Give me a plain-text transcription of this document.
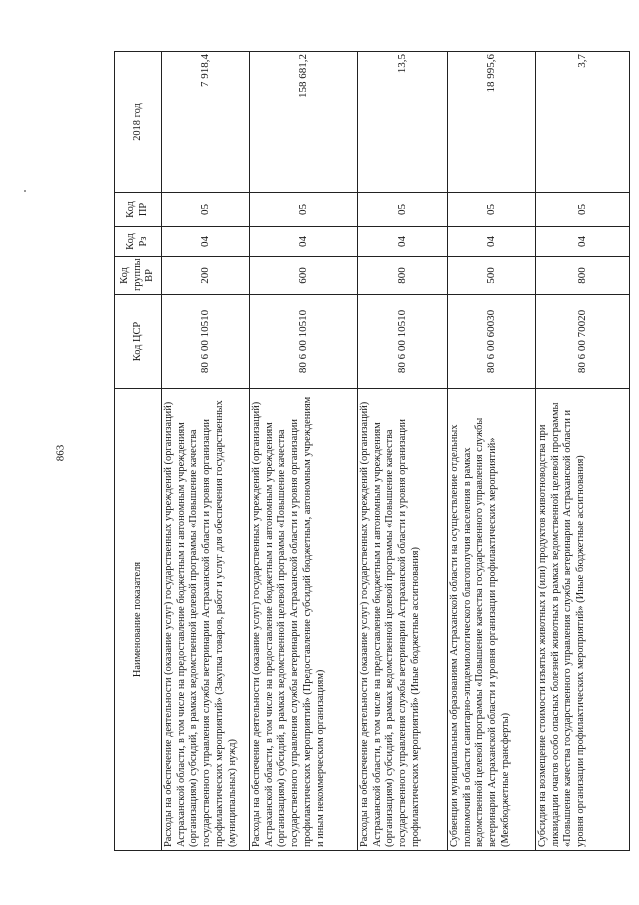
863
Наименование показателя	Код ЦСР	Код группы ВР	Код Рз	Код ПР	2018 год
Расходы на обеспечение деятельности (оказание услуг) государственных учреждений (организаций) Астраханской области, в том числе на предоставление бюджетным и автономным учреждениям (организациям) субсидий, в рамках ведомственной целевой программы «Повышение качества государственного управления службы ветеринарии Астраханской области и уровня организации профилактических мероприятий» (Закупка товаров, работ и услуг для обеспечения государственных (муниципальных) нужд)	80 6 00 10510	200	04	05	7 918,4
Расходы на обеспечение деятельности (оказание услуг) государственных учреждений (организаций) Астраханской области, в том числе на предоставление бюджетным и автономным учреждениям (организациям) субсидий, в рамках ведомственной целевой программы «Повышение качества государственного управления службы ветеринарии Астраханской области и уровня организации профилактических мероприятий» (Предоставление субсидий бюджетным, автономным учреждениям и иным некоммерческим организациям)	80 6 00 10510	600	04	05	158 681,2
Расходы на обеспечение деятельности (оказание услуг) государственных учреждений (организаций) Астраханской области, в том числе на предоставление бюджетным и автономным учреждениям (организациям) субсидий, в рамках ведомственной целевой программы «Повышение качества государственного управления службы ветеринарии Астраханской области и уровня организации профилактических мероприятий» (Иные бюджетные ассигнования)	80 6 00 10510	800	04	05	13,5
Субвенции муниципальным образованиям Астраханской области на осуществление отдельных полномочий в области санитарно-эпидемиологического благополучия населения в рамках ведомственной целевой программы «Повышение качества государственного управления службы ветеринарии Астраханской области и уровня организации профилактических мероприятий» (Межбюджетные трансферты)	80 6 00 60030	500	04	05	18 995,6
Субсидия на возмещение стоимости изъятых животных и (или) продуктов животноводства при ликвидации очагов особо опасных болезней животных в рамках ведомственной целевой программы «Повышение качества государственного управления службы ветеринарии Астраханской области и уровня организации профилактических мероприятий» (Иные бюджетные ассигнования)	80 6 00 70020	800	04	05	3,7
